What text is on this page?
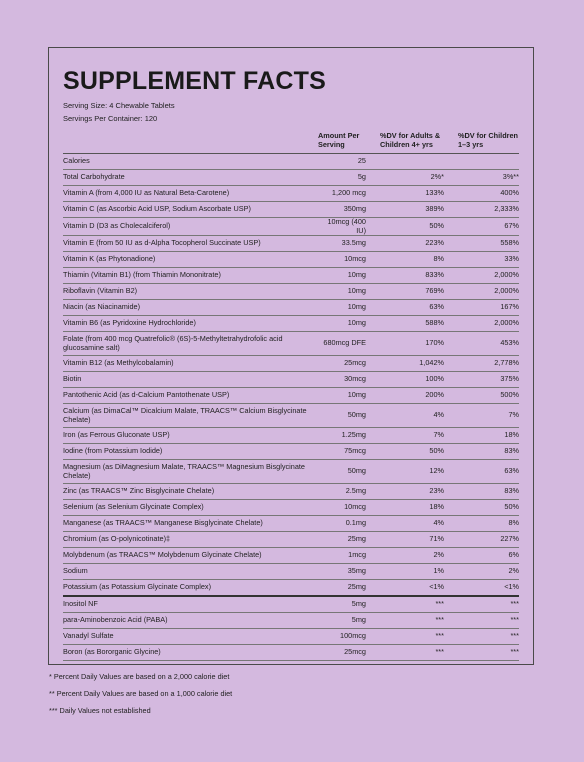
SUPPLEMENT FACTS
Serving Size: 4 Chewable Tablets
Servings Per Container: 120
	Amount Per Serving	%DV for Adults & Children 4+ yrs	%DV for Children 1–3 yrs
Calories	25		
Total Carbohydrate	5g	2%*	3%**
Vitamin A (from 4,000 IU as Natural Beta-Carotene)	1,200 mcg	133%	400%
Vitamin C (as Ascorbic Acid USP, Sodium Ascorbate USP)	350mg	389%	2,333%
Vitamin D (D3 as Cholecalciferol)	10mcg (400 IU)	50%	67%
Vitamin E (from 50 IU as d-Alpha Tocopherol Succinate USP)	33.5mg	223%	558%
Vitamin K (as Phytonadione)	10mcg	8%	33%
Thiamin (Vitamin B1) (from Thiamin Mononitrate)	10mg	833%	2,000%
Riboflavin (Vitamin B2)	10mg	769%	2,000%
Niacin (as Niacinamide)	10mg	63%	167%
Vitamin B6 (as Pyridoxine Hydrochloride)	10mg	588%	2,000%
Folate (from 400 mcg Quatrefolic® (6S)-5-Methyltetrahydrofolic acid glucosamine salt)	680mcg DFE	170%	453%
Vitamin B12 (as Methylcobalamin)	25mcg	1,042%	2,778%
Biotin	30mcg	100%	375%
Pantothenic Acid (as d-Calcium Pantothenate USP)	10mg	200%	500%
Calcium (as DimaCal™ Dicalcium Malate, TRAACS™ Calcium Bisglycinate Chelate)	50mg	4%	7%
Iron (as Ferrous Gluconate USP)	1.25mg	7%	18%
Iodine (from Potassium Iodide)	75mcg	50%	83%
Magnesium (as DiMagnesium Malate, TRAACS™ Magnesium Bisglycinate Chelate)	50mg	12%	63%
Zinc (as TRAACS™ Zinc Bisglycinate Chelate)	2.5mg	23%	83%
Selenium (as Selenium Glycinate Complex)	10mcg	18%	50%
Manganese (as TRAACS™ Manganese Bisglycinate Chelate)	0.1mg	4%	8%
Chromium (as O-polynicotinate)‡	25mg	71%	227%
Molybdenum (as TRAACS™ Molybdenum Glycinate Chelate)	1mcg	2%	6%
Sodium	35mg	1%	2%
Potassium (as Potassium Glycinate Complex)	25mg	<1%	<1%
Inositol NF	5mg	***	***
para-Aminobenzoic Acid (PABA)	5mg	***	***
Vanadyl Sulfate	100mcg	***	***
Boron (as Bororganic Glycine)	25mcg	***	***
* Percent Daily Values are based on a 2,000 calorie diet
** Percent Daily Values are based on a 1,000 calorie diet
*** Daily Values not established
